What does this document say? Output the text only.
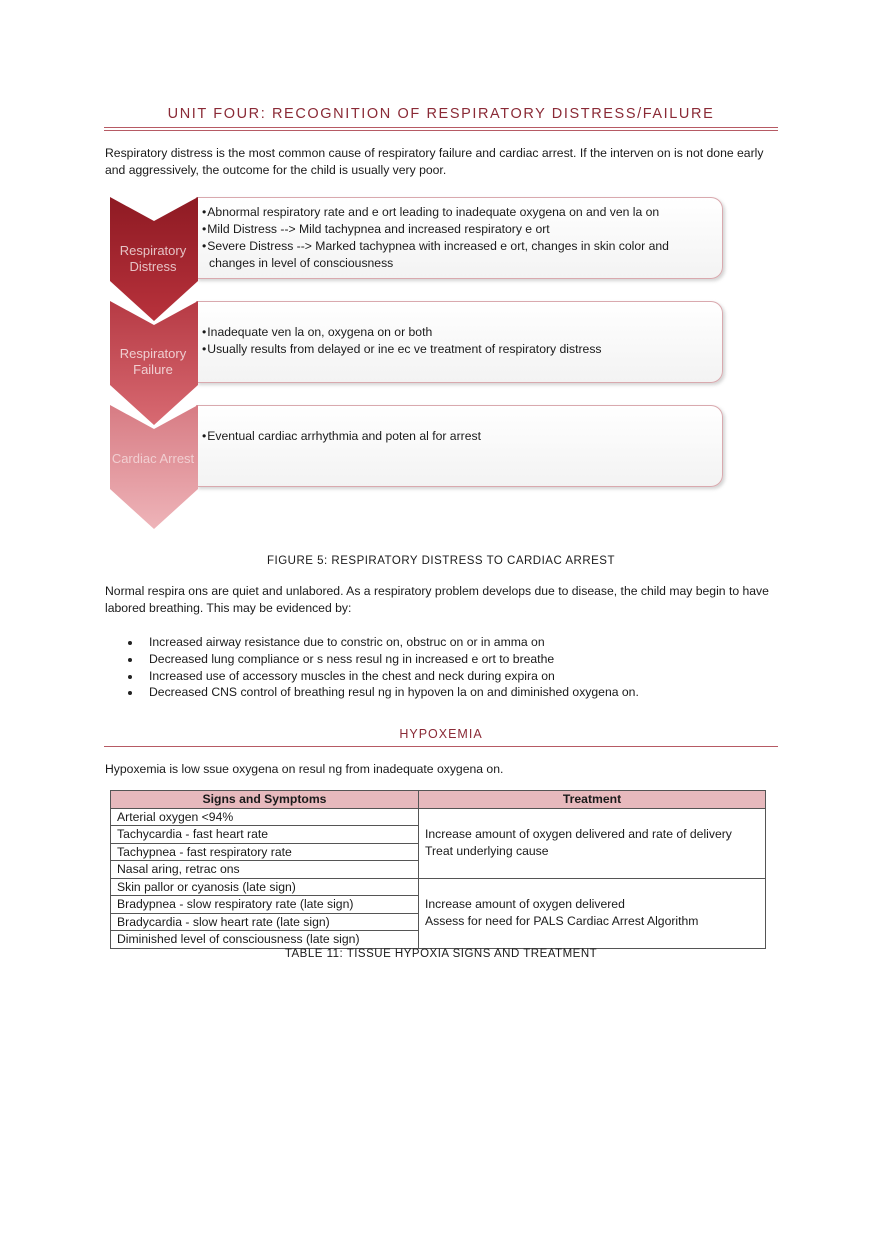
UNIT FOUR: RECOGNITION OF RESPIRATORY DISTRESS/FAILURE
Respiratory distress is the most common cause of respiratory failure and cardiac arrest. If the interven on is not done early and aggressively, the outcome for the child is usually very poor.
• Abnormal respiratory rate and e ort leading to inadequate oxygena on and ven la on
• Mild Distress --> Mild tachypnea and increased respiratory e ort
• Severe Distress --> Marked tachypnea with increased e ort, changes in skin color and changes in level of consciousness
Respiratory Distress
• Inadequate ven la on, oxygena on or both
• Usually results from delayed or ine ec ve treatment of respiratory distress
Respiratory Failure
• Eventual cardiac arrhythmia and poten al for arrest
Cardiac Arrest
FIGURE 5: RESPIRATORY DISTRESS TO CARDIAC ARREST
Normal respira ons are quiet and unlabored. As a respiratory problem develops due to disease, the child may begin to have labored breathing. This may be evidenced by:
Increased airway resistance due to constric on, obstruc on or in amma on
Decreased lung compliance or s ness resul ng in increased e ort to breathe
Increased use of accessory muscles in the chest and neck during expira on
Decreased CNS control of breathing resul ng in hypoven la on and diminished oxygena on.
HYPOXEMIA
Hypoxemia is low ssue oxygena on resul ng from inadequate oxygena on.
Signs and Symptoms	Treatment
Arterial oxygen <94%	Increase amount of oxygen delivered and rate of delivery
Treat underlying cause

Tachycardia - fast heart rate	
Tachypnea - fast respiratory rate	
Nasal aring, retrac ons	
Skin pallor or cyanosis (late sign)	Increase amount of oxygen delivered
Assess for need for PALS Cardiac Arrest Algorithm

Bradypnea - slow respiratory rate (late sign)	
Bradycardia - slow heart rate (late sign)	
Diminished level of consciousness (late sign)	
TABLE 11: TISSUE HYPOXIA SIGNS AND TREATMENT
